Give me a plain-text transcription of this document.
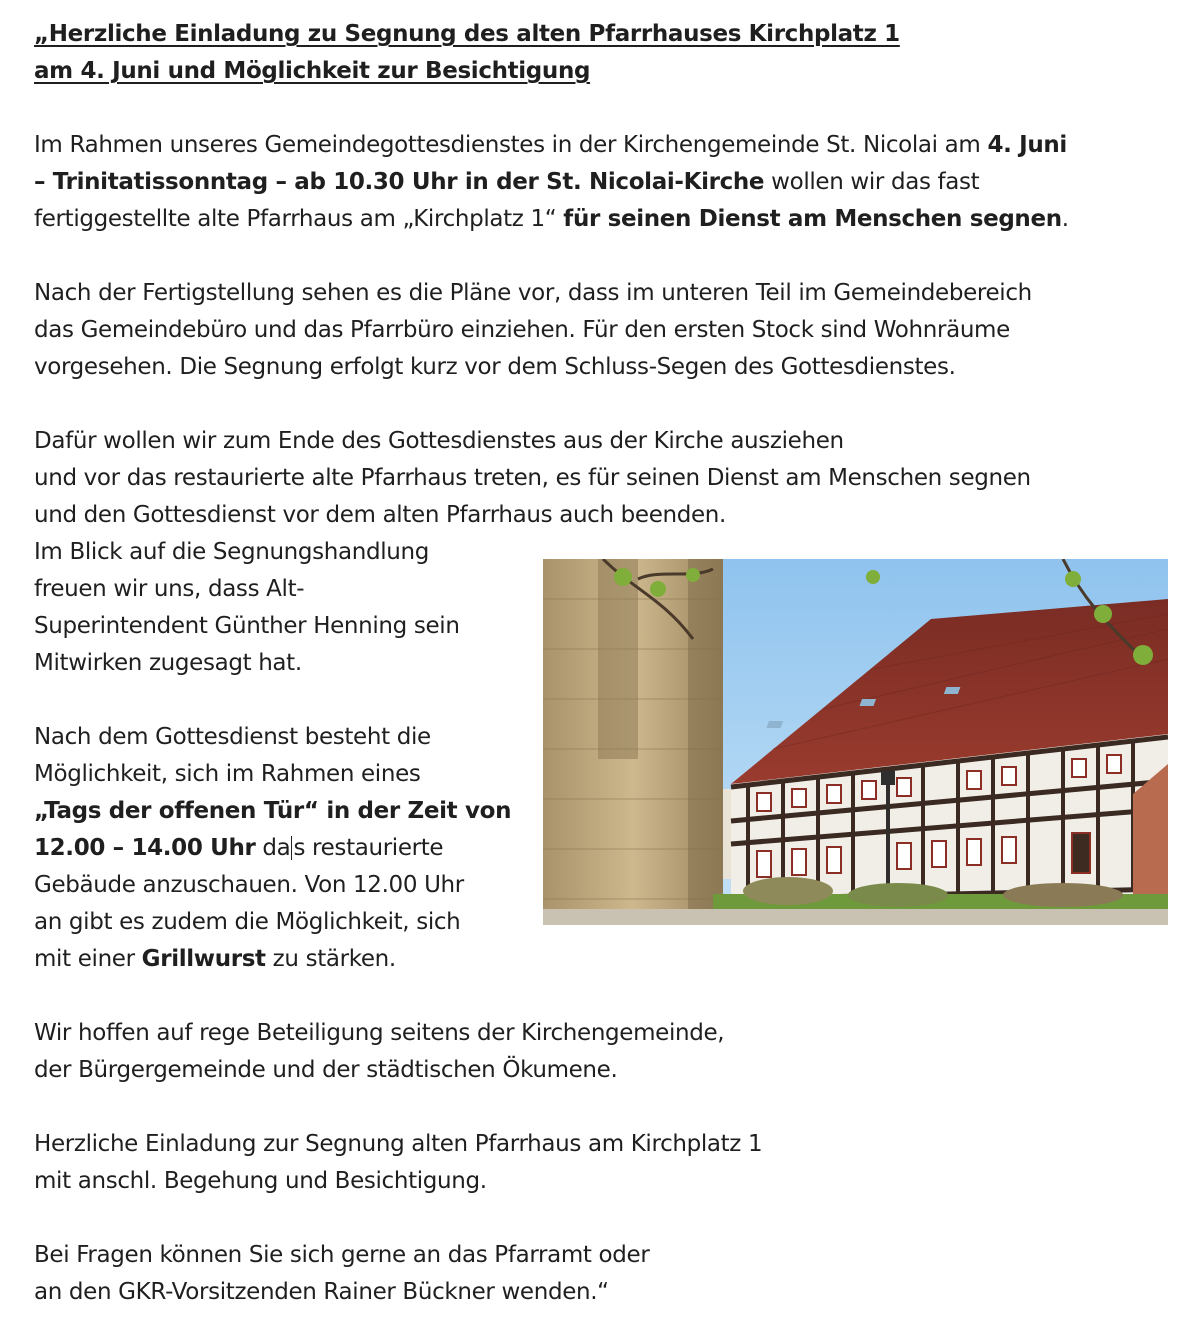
„Herzliche Einladung zu Segnung des alten Pfarrhauses Kirchplatz 1
am 4. Juni und Möglichkeit zur Besichtigung
Im Rahmen unseres Gemeindegottesdienstes in der Kirchengemeinde St. Nicolai am 4. Juni
– Trinitatissonntag – ab 10.30 Uhr in der St. Nicolai-Kirche wollen wir das fast
fertiggestellte alte Pfarrhaus am „Kirchplatz 1“ für seinen Dienst am Menschen segnen.
Nach der Fertigstellung sehen es die Pläne vor, dass im unteren Teil im Gemeindebereich
das Gemeindebüro und das Pfarrbüro einziehen. Für den ersten Stock sind Wohnräume
vorgesehen. Die Segnung erfolgt kurz vor dem Schluss-Segen des Gottesdienstes.
Dafür wollen wir zum Ende des Gottesdienstes aus der Kirche ausziehen
und vor das restaurierte alte Pfarrhaus treten, es für seinen Dienst am Menschen segnen
und den Gottesdienst vor dem alten Pfarrhaus auch beenden.
Im Blick auf die Segnungshandlung
freuen wir uns, dass Alt-
Superintendent Günther Henning sein
Mitwirken zugesagt hat.
Nach dem Gottesdienst besteht die
Möglichkeit, sich im Rahmen eines
„Tags der offenen Tür“ in der Zeit von
12.00 – 14.00 Uhr da s restaurierte
Gebäude anzuschauen. Von 12.00 Uhr
an gibt es zudem die Möglichkeit, sich
mit einer Grillwurst zu stärken.
Wir hoffen auf rege Beteiligung seitens der Kirchengemeinde,
der Bürgergemeinde und der städtischen Ökumene.
Herzliche Einladung zur Segnung alten Pfarrhaus am Kirchplatz 1
mit anschl. Begehung und Besichtigung.
Bei Fragen können Sie sich gerne an das Pfarramt oder
an den GKR-Vorsitzenden Rainer Bückner wenden.“
